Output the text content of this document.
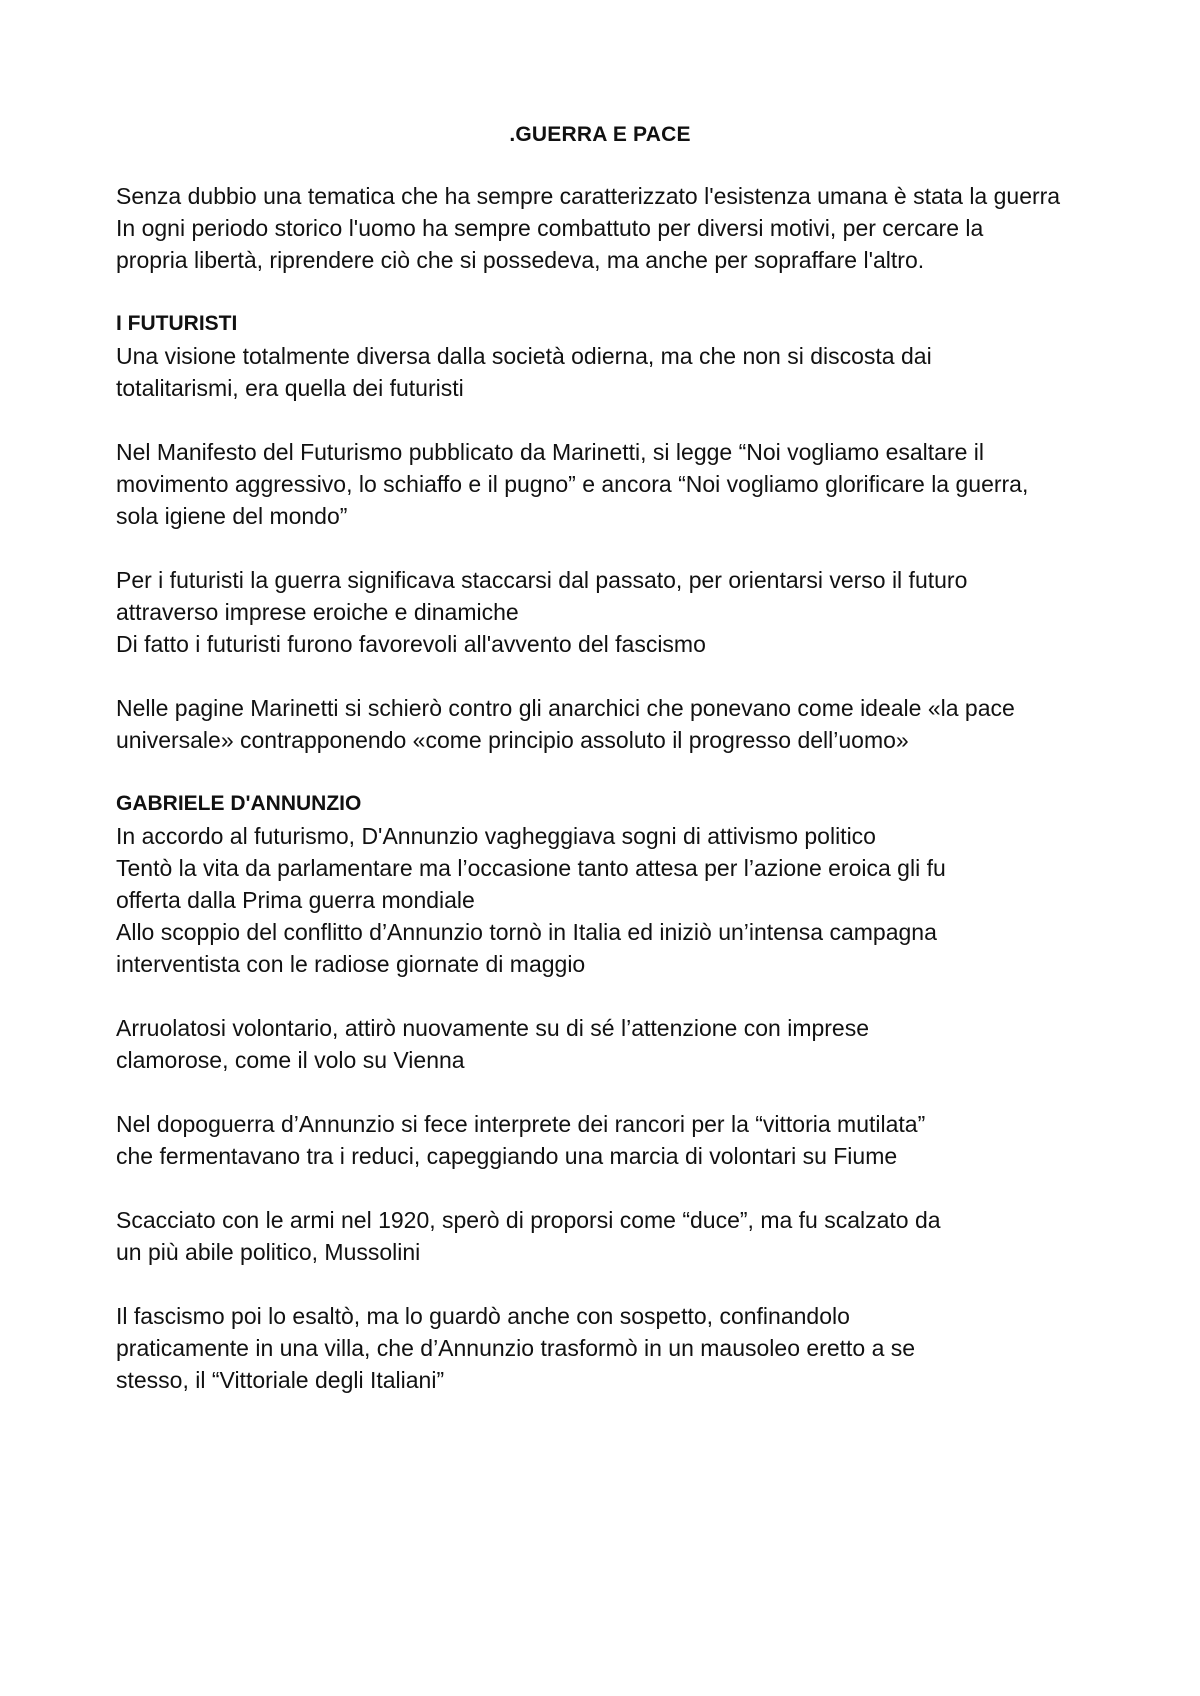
.GUERRA E PACE
Senza dubbio una tematica che ha sempre caratterizzato l'esistenza umana è stata la guerra
In ogni periodo storico l'uomo ha sempre combattuto per diversi motivi, per cercare la
propria libertà, riprendere ciò che si possedeva, ma anche per sopraffare l'altro.
I FUTURISTI
Una visione totalmente diversa dalla società odierna, ma che non si discosta dai
totalitarismi, era quella dei futuristi
Nel Manifesto del Futurismo pubblicato da Marinetti, si legge “Noi vogliamo esaltare il
movimento aggressivo, lo schiaffo e il pugno” e ancora “Noi vogliamo glorificare la guerra,
sola igiene del mondo”
Per i futuristi la guerra significava staccarsi dal passato, per orientarsi verso il futuro
attraverso imprese eroiche e dinamiche
Di fatto i futuristi furono favorevoli all'avvento del fascismo
Nelle pagine Marinetti si schierò contro gli anarchici che ponevano come ideale «la pace
universale» contrapponendo «come principio assoluto il progresso dell’uomo»
GABRIELE D'ANNUNZIO
In accordo al futurismo, D'Annunzio vagheggiava sogni di attivismo politico
Tentò la vita da parlamentare ma l’occasione tanto attesa per l’azione eroica gli fu
offerta dalla Prima guerra mondiale
Allo scoppio del conflitto d’Annunzio tornò in Italia ed iniziò un’intensa campagna
interventista con le radiose giornate di maggio
Arruolatosi volontario, attirò nuovamente su di sé l’attenzione con imprese
clamorose, come il volo su Vienna
Nel dopoguerra d’Annunzio si fece interprete dei rancori per la “vittoria mutilata”
che fermentavano tra i reduci, capeggiando una marcia di volontari su Fiume
Scacciato con le armi nel 1920, sperò di proporsi come “duce”, ma fu scalzato da
un più abile politico, Mussolini
Il fascismo poi lo esaltò, ma lo guardò anche con sospetto, confinandolo
praticamente in una villa, che d’Annunzio trasformò in un mausoleo eretto a se
stesso, il “Vittoriale degli Italiani”
